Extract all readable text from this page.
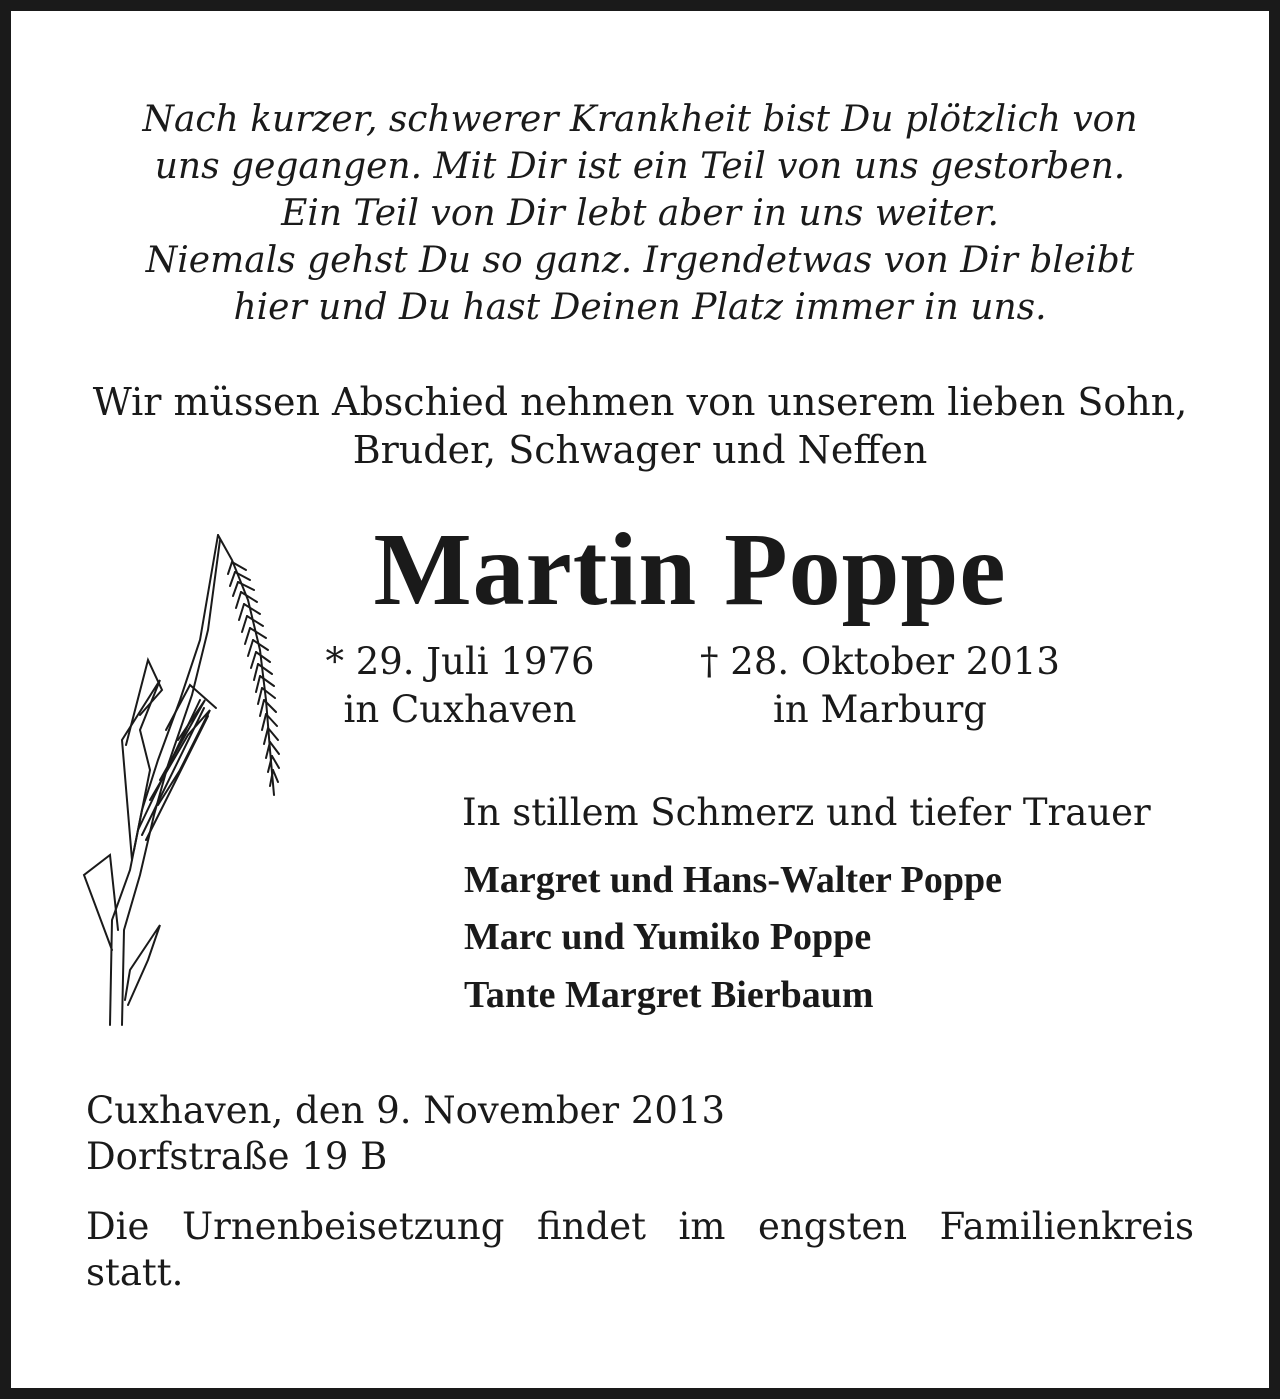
Nach kurzer, schwerer Krankheit bist Du plötzlich von
uns gegangen. Mit Dir ist ein Teil von uns gestorben.
Ein Teil von Dir lebt aber in uns weiter.
Niemals gehst Du so ganz. Irgendetwas von Dir bleibt
hier und Du hast Deinen Platz immer in uns.
Wir müssen Abschied nehmen von unserem lieben Sohn,
Bruder, Schwager und Neffen
Martin Poppe
* 29. Juli 1976
in Cuxhaven
† 28. Oktober 2013
in Marburg
In stillem Schmerz und tiefer Trauer
Margret und Hans-Walter Poppe
Marc und Yumiko Poppe
Tante Margret Bierbaum
Cuxhaven, den 9. November 2013
Dorfstraße 19 B
Die Urnenbeisetzung findet im engsten Familienkreis statt.
